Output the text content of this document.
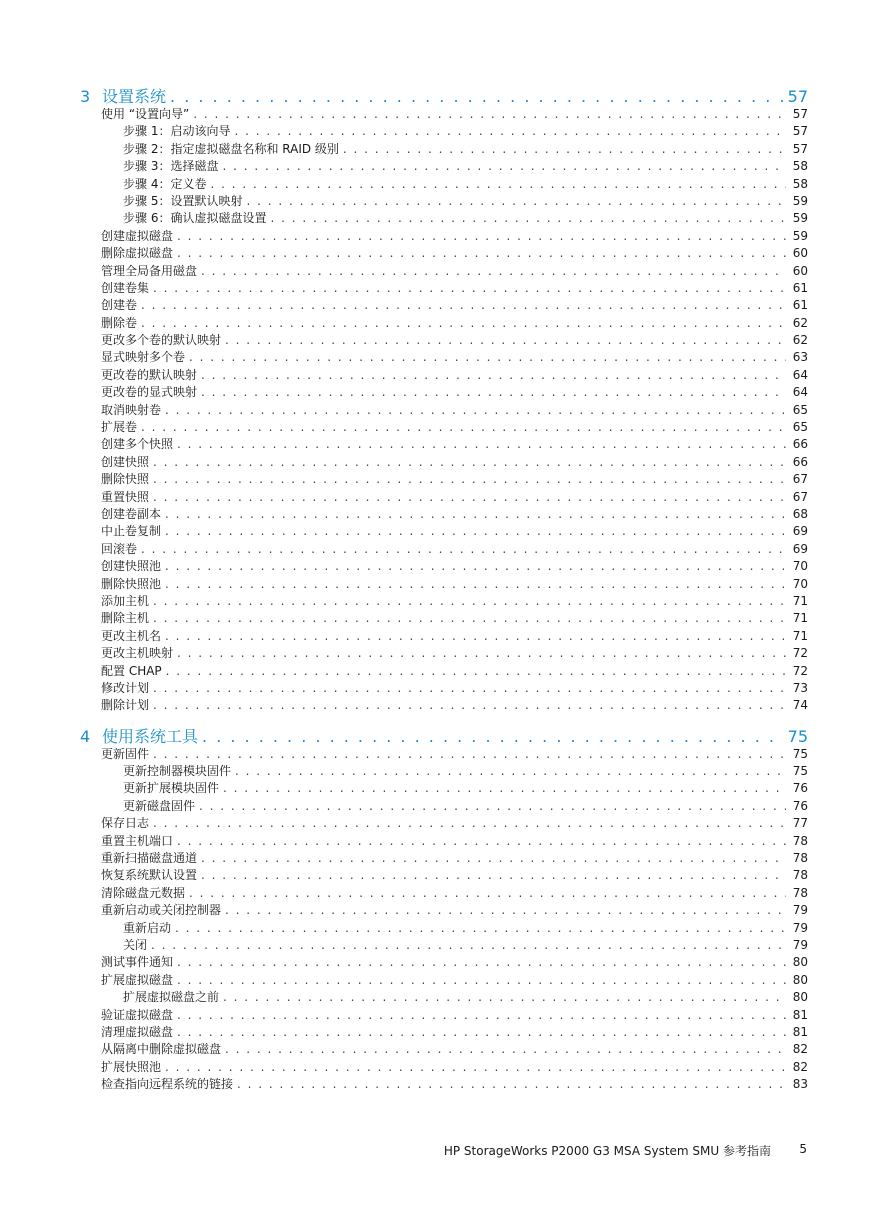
3 设置系统 . . .	57
使用 “设置向导” . . .	57
步骤 1：启动该向导 . . .	57
步骤 2：指定虚拟磁盘名称和 RAID 级别 . . .	57
步骤 3：选择磁盘 . . .	58
步骤 4：定义卷 . . .	58
步骤 5：设置默认映射 . . .	59
步骤 6：确认虚拟磁盘设置 . . .	59
创建虚拟磁盘 . . .	59
删除虚拟磁盘 . . .	60
管理全局备用磁盘 . . .	60
创建卷集 . . .	61
创建卷 . . .	61
删除卷 . . .	62
更改多个卷的默认映射 . . .	62
显式映射多个卷 . . .	63
更改卷的默认映射 . . .	64
更改卷的显式映射 . . .	64
取消映射卷 . . .	65
扩展卷 . . .	65
创建多个快照 . . .	66
创建快照 . . .	66
删除快照 . . .	67
重置快照 . . .	67
创建卷副本 . . .	68
中止卷复制 . . .	69
回滚卷 . . .	69
创建快照池 . . .	70
删除快照池 . . .	70
添加主机 . . .	71
删除主机 . . .	71
更改主机名 . . .	71
更改主机映射 . . .	72
配置 CHAP . . .	72
修改计划 . . .	73
删除计划 . . .	74
4 使用系统工具 . . .	75
更新固件 . . .	75
更新控制器模块固件 . . .	75
更新扩展模块固件 . . .	76
更新磁盘固件 . . .	76
保存日志 . . .	77
重置主机端口 . . .	78
重新扫描磁盘通道 . . .	78
恢复系统默认设置 . . .	78
清除磁盘元数据 . . .	78
重新启动或关闭控制器 . . .	79
重新启动 . . .	79
关闭 . . .	79
测试事件通知 . . .	80
扩展虚拟磁盘 . . .	80
扩展虚拟磁盘之前 . . .	80
验证虚拟磁盘 . . .	81
清理虚拟磁盘 . . .	81
从隔离中删除虚拟磁盘 . . .	82
扩展快照池 . . .	82
检查指向远程系统的链接 . . .	83
HP StorageWorks P2000 G3 MSA System SMU 参考指南 5
